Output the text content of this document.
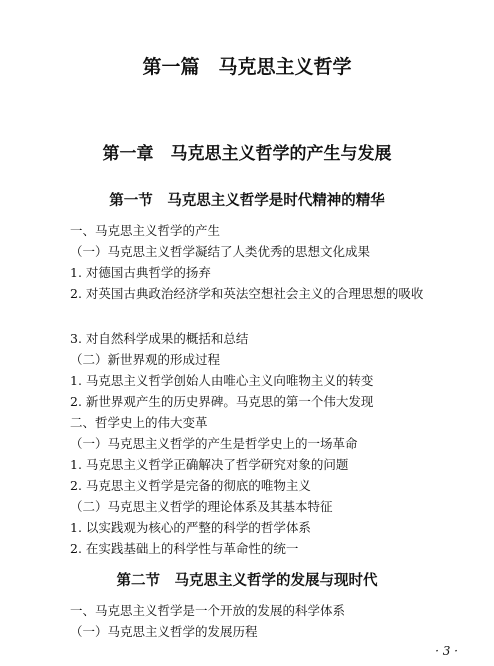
第一篇　马克思主义哲学
第一章　马克思主义哲学的产生与发展
第一节　马克思主义哲学是时代精神的精华
一、马克思主义哲学的产生
（一）马克思主义哲学凝结了人类优秀的思想文化成果
1. 对德国古典哲学的扬弃
2. 对英国古典政治经济学和英法空想社会主义的合理思想的吸收
3. 对自然科学成果的概括和总结
（二）新世界观的形成过程
1. 马克思主义哲学创始人由唯心主义向唯物主义的转变
2. 新世界观产生的历史界碑。马克思的第一个伟大发现
二、哲学史上的伟大变革
（一）马克思主义哲学的产生是哲学史上的一场革命
1. 马克思主义哲学正确解决了哲学研究对象的问题
2. 马克思主义哲学是完备的彻底的唯物主义
（二）马克思主义哲学的理论体系及其基本特征
1. 以实践观为核心的严整的科学的哲学体系
2. 在实践基础上的科学性与革命性的统一
第二节　马克思主义哲学的发展与现时代
一、马克思主义哲学是一个开放的发展的科学体系
（一）马克思主义哲学的发展历程
· 3 ·
